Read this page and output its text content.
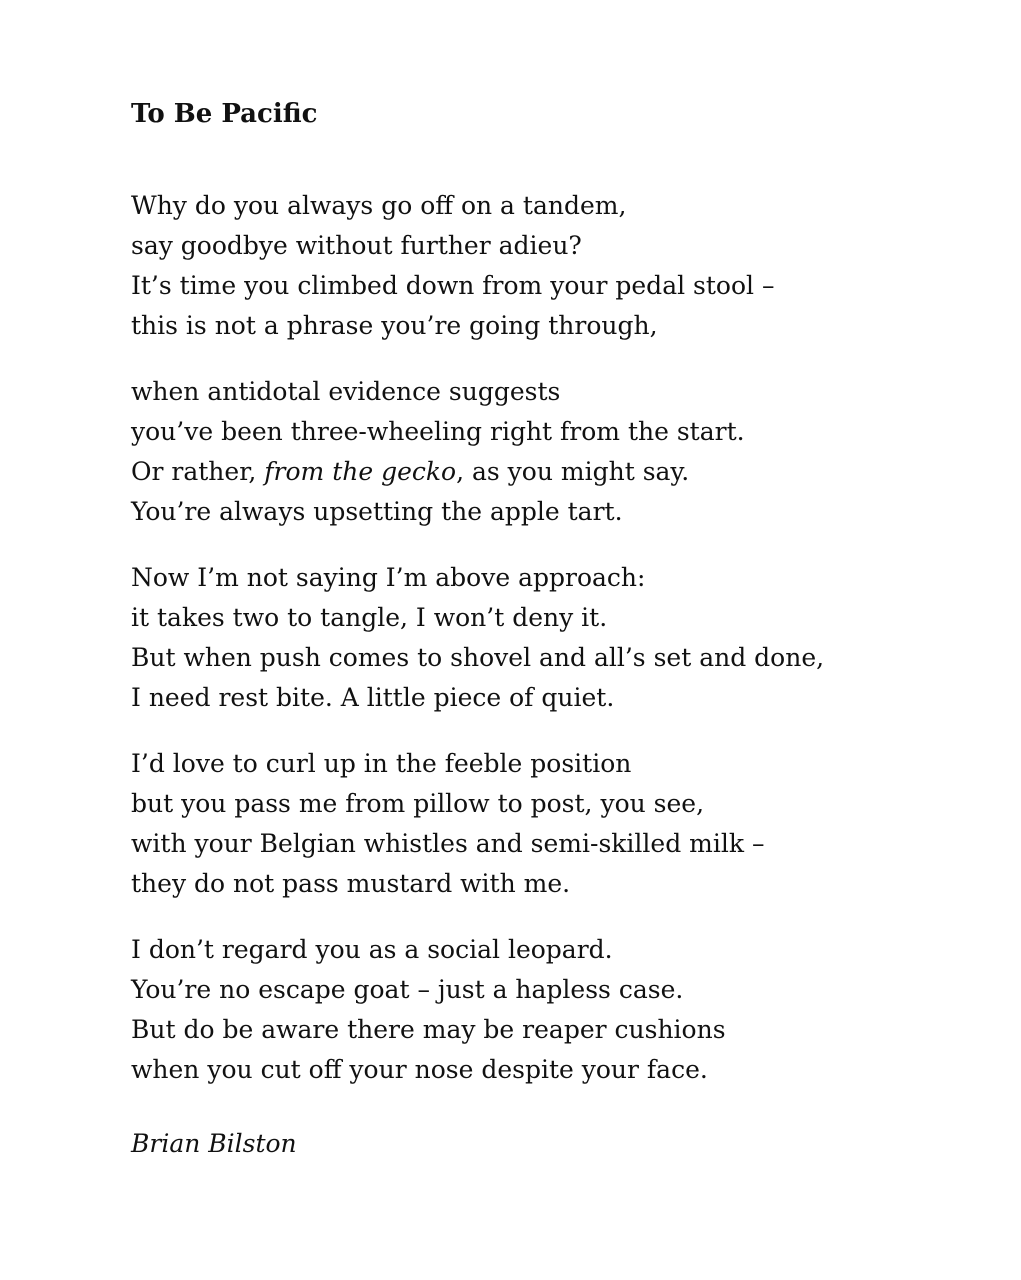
To Be Pacific
Why do you always go off on a tandem,
say goodbye without further adieu?
It’s time you climbed down from your pedal stool –
this is not a phrase you’re going through,
when antidotal evidence suggests
you’ve been three-wheeling right from the start.
Or rather, from the gecko, as you might say.
You’re always upsetting the apple tart.
Now I’m not saying I’m above approach:
it takes two to tangle, I won’t deny it.
But when push comes to shovel and all’s set and done,
I need rest bite. A little piece of quiet.
I’d love to curl up in the feeble position
but you pass me from pillow to post, you see,
with your Belgian whistles and semi-skilled milk –
they do not pass mustard with me.
I don’t regard you as a social leopard.
You’re no escape goat – just a hapless case.
But do be aware there may be reaper cushions
when you cut off your nose despite your face.
Brian Bilston
